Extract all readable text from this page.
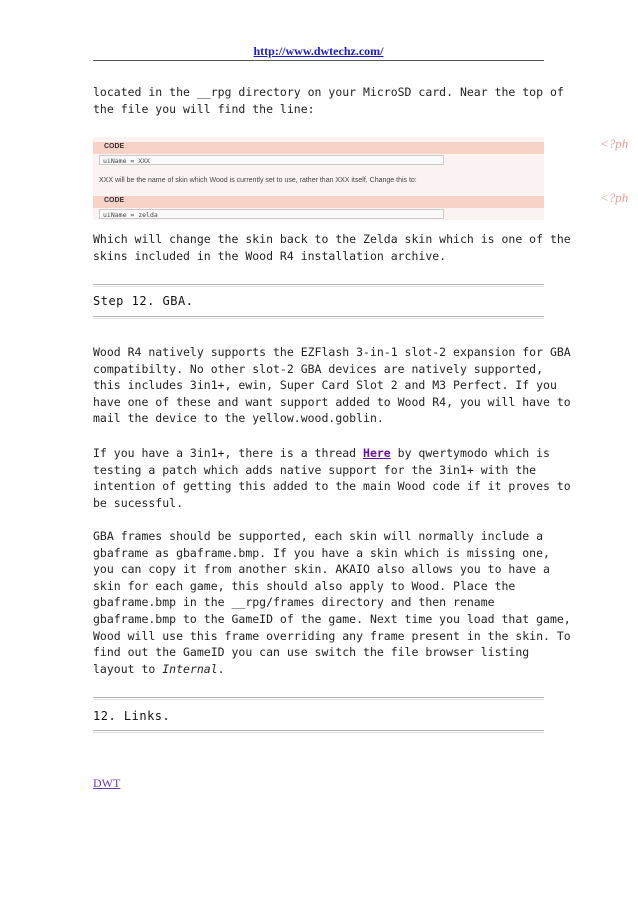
http://www.dwtechz.com/
located in the __rpg directory on your MicroSD card. Near the top of
the file you will find the line:
CODE	<?ph
uiName = XXX
XXX will be the name of skin which Wood is currently set to use, rather than XXX itself. Change this to:
CODE	<?ph
uiName = zelda
Which will change the skin back to the Zelda skin which is one of the
skins included in the Wood R4 installation archive.
Step 12. GBA.
Wood R4 natively supports the EZFlash 3-in-1 slot-2 expansion for GBA
compatibilty. No other slot-2 GBA devices are natively supported,
this includes 3in1+, ewin, Super Card Slot 2 and M3 Perfect. If you
have one of these and want support added to Wood R4, you will have to
mail the device to the yellow.wood.goblin.
If you have a 3in1+, there is a thread Here by qwertymodo which is
testing a patch which adds native support for the 3in1+ with the
intention of getting this added to the main Wood code if it proves to
be sucessful.
GBA frames should be supported, each skin will normally include a
gbaframe as gbaframe.bmp. If you have a skin which is missing one,
you can copy it from another skin. AKAIO also allows you to have a
skin for each game, this should also apply to Wood. Place the
gbaframe.bmp in the __rpg/frames directory and then rename
gbaframe.bmp to the GameID of the game. Next time you load that game,
Wood will use this frame overriding any frame present in the skin. To
find out the GameID you can use switch the file browser listing
layout to Internal.
12. Links.
DWT
